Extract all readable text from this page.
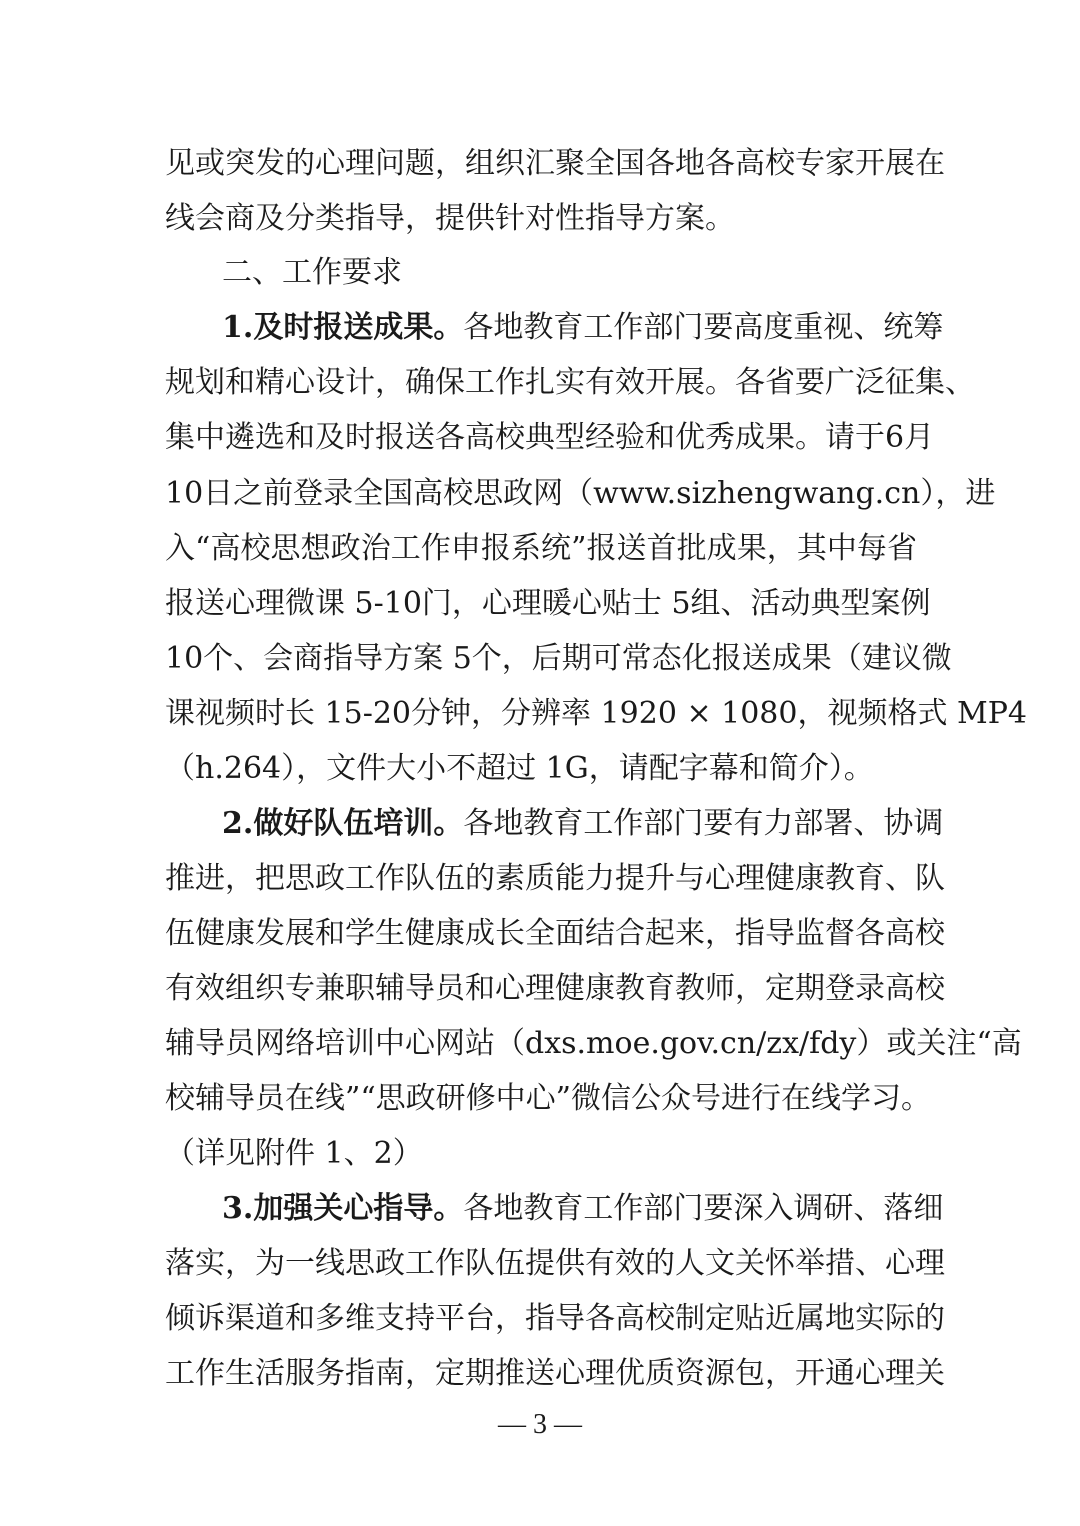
见或突发的心理问题，组织汇聚全国各地各高校专家开展在
线会商及分类指导，提供针对性指导方案。
二、工作要求
1.及时报送成果。各地教育工作部门要高度重视、统筹
规划和精心设计，确保工作扎实有效开展。各省要广泛征集、
集中遴选和及时报送各高校典型经验和优秀成果。请于6月
10日之前登录全国高校思政网（www.sizhengwang.cn），进
入“高校思想政治工作申报系统”报送首批成果，其中每省
报送心理微课 5-10门，心理暖心贴士 5组、活动典型案例
10个、会商指导方案 5个，后期可常态化报送成果（建议微
课视频时长 15-20分钟，分辨率 1920 × 1080，视频格式 MP4
（h.264），文件大小不超过 1G，请配字幕和简介）。
2.做好队伍培训。各地教育工作部门要有力部署、协调
推进，把思政工作队伍的素质能力提升与心理健康教育、队
伍健康发展和学生健康成长全面结合起来，指导监督各高校
有效组织专兼职辅导员和心理健康教育教师，定期登录高校
辅导员网络培训中心网站（dxs.moe.gov.cn/zx/fdy）或关注“高
校辅导员在线”“思政研修中心”微信公众号进行在线学习。
（详见附件 1、2）
3.加强关心指导。各地教育工作部门要深入调研、落细
落实，为一线思政工作队伍提供有效的人文关怀举措、心理
倾诉渠道和多维支持平台，指导各高校制定贴近属地实际的
工作生活服务指南，定期推送心理优质资源包，开通心理关
— 3 —
